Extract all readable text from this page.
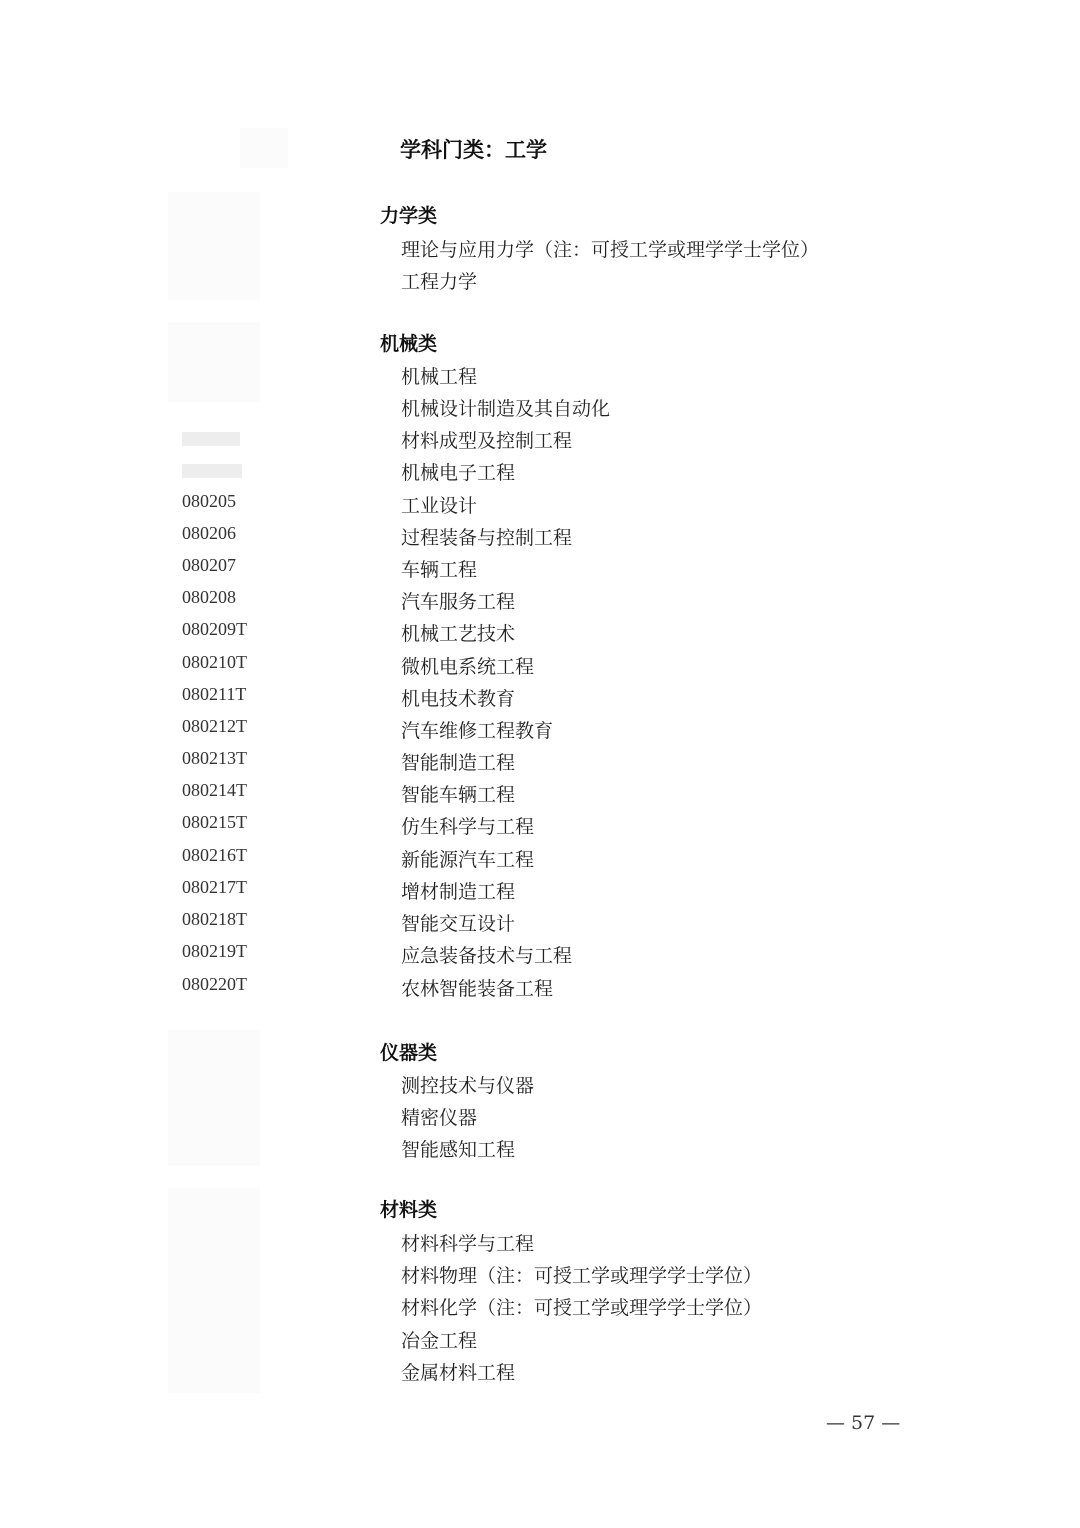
学科门类：工学
力学类
理论与应用力学（注：可授工学或理学学士学位）
工程力学
机械类
机械工程
机械设计制造及其自动化
材料成型及控制工程
机械电子工程
080205	工业设计
080206	过程装备与控制工程
080207	车辆工程
080208	汽车服务工程
080209T	机械工艺技术
080210T	微机电系统工程
080211T	机电技术教育
080212T	汽车维修工程教育
080213T	智能制造工程
080214T	智能车辆工程
080215T	仿生科学与工程
080216T	新能源汽车工程
080217T	增材制造工程
080218T	智能交互设计
080219T	应急装备技术与工程
080220T	农林智能装备工程
仪器类
测控技术与仪器
精密仪器
智能感知工程
材料类
材料科学与工程
材料物理（注：可授工学或理学学士学位）
材料化学（注：可授工学或理学学士学位）
冶金工程
金属材料工程
— 57 —
